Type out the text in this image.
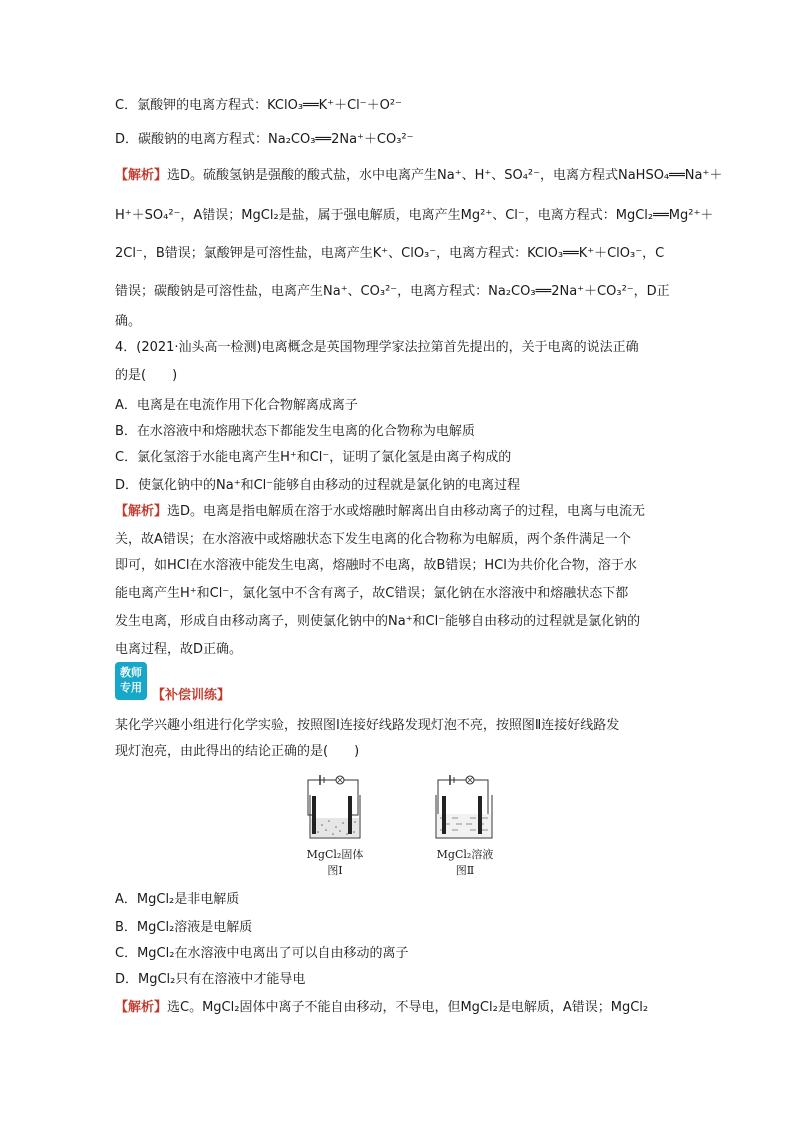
C．氯酸钾的电离方程式：KClO₃══K⁺＋Cl⁻＋O²⁻
D．碳酸钠的电离方程式：Na₂CO₃══2Na⁺＋CO₃²⁻
【解析】选D。硫酸氢钠是强酸的酸式盐，水中电离产生Na⁺、H⁺、SO₄²⁻，电离方程式NaHSO₄══Na⁺＋
H⁺＋SO₄²⁻，A错误；MgCl₂是盐，属于强电解质，电离产生Mg²⁺、Cl⁻，电离方程式：MgCl₂══Mg²⁺＋
2Cl⁻，B错误；氯酸钾是可溶性盐，电离产生K⁺、ClO₃⁻，电离方程式：KClO₃══K⁺＋ClO₃⁻，C
错误；碳酸钠是可溶性盐，电离产生Na⁺、CO₃²⁻，电离方程式：Na₂CO₃══2Na⁺＋CO₃²⁻，D正
确。
4．(2021·汕头高一检测)电离概念是英国物理学家法拉第首先提出的，关于电离的说法正确
的是(　　)
A．电离是在电流作用下化合物解离成离子
B．在水溶液中和熔融状态下都能发生电离的化合物称为电解质
C．氯化氢溶于水能电离产生H⁺和Cl⁻，证明了氯化氢是由离子构成的
D．使氯化钠中的Na⁺和Cl⁻能够自由移动的过程就是氯化钠的电离过程
【解析】选D。电离是指电解质在溶于水或熔融时解离出自由移动离子的过程，电离与电流无
关，故A错误；在水溶液中或熔融状态下发生电离的化合物称为电解质，两个条件满足一个
即可，如HCl在水溶液中能发生电离，熔融时不电离，故B错误；HCl为共价化合物，溶于水
能电离产生H⁺和Cl⁻，氯化氢中不含有离子，故C错误；氯化钠在水溶液中和熔融状态下都
发生电离，形成自由移动离子，则使氯化钠中的Na⁺和Cl⁻能够自由移动的过程就是氯化钠的
电离过程，故D正确。
教师
专用
【补偿训练】
某化学兴趣小组进行化学实验，按照图Ⅰ连接好线路发现灯泡不亮，按照图Ⅱ连接好线路发
现灯泡亮，由此得出的结论正确的是(　　)
MgCl₂固体
图Ⅰ
MgCl₂溶液
图Ⅱ
A．MgCl₂是非电解质
B．MgCl₂溶液是电解质
C．MgCl₂在水溶液中电离出了可以自由移动的离子
D．MgCl₂只有在溶液中才能导电
【解析】选C。MgCl₂固体中离子不能自由移动，不导电，但MgCl₂是电解质，A错误；MgCl₂
